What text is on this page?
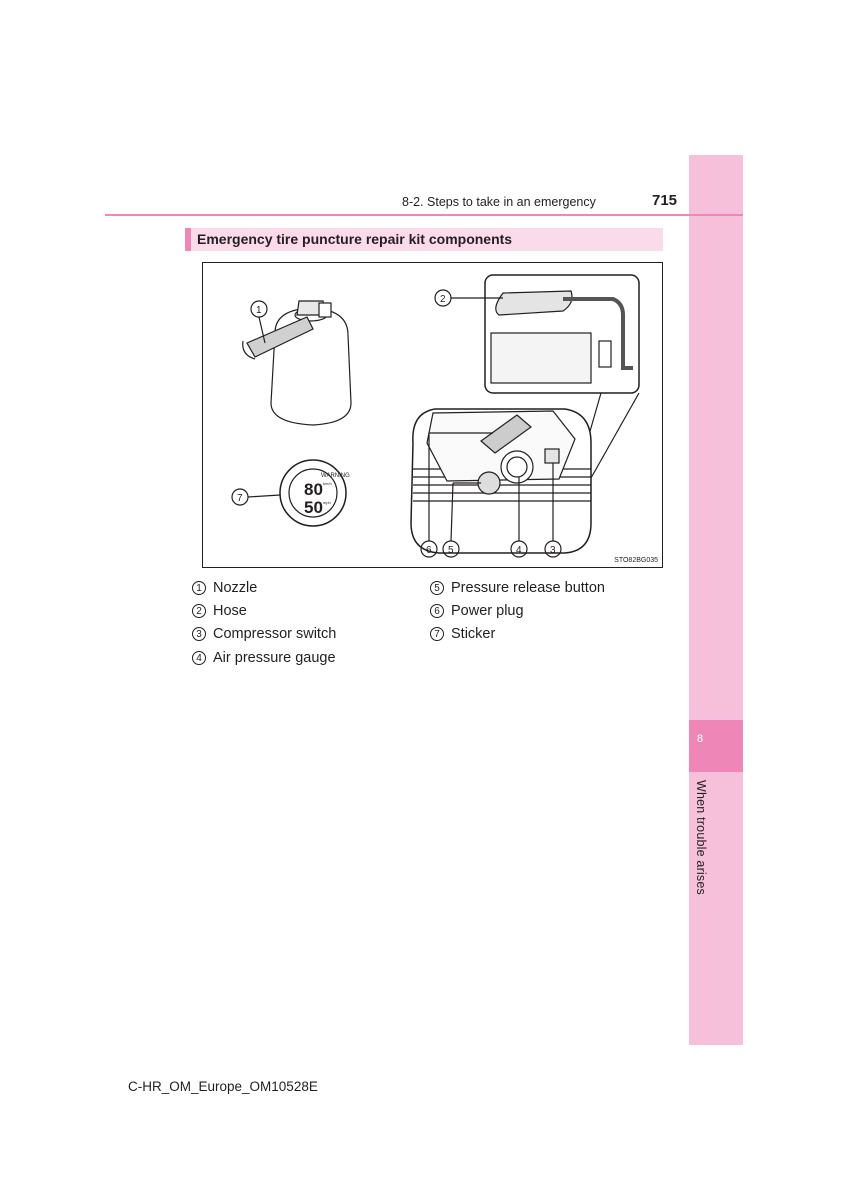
8
When trouble arises
8-2. Steps to take in an emergency	715
Emergency tire puncture repair kit components
1
80
50
WARNING
km/h
mph
7
2
6 5	4	3
STO82BG035
1 Nozzle
2 Hose
3 Compressor switch
4 Air pressure gauge
5 Pressure release button
6 Power plug
7 Sticker
C-HR_OM_Europe_OM10528E
